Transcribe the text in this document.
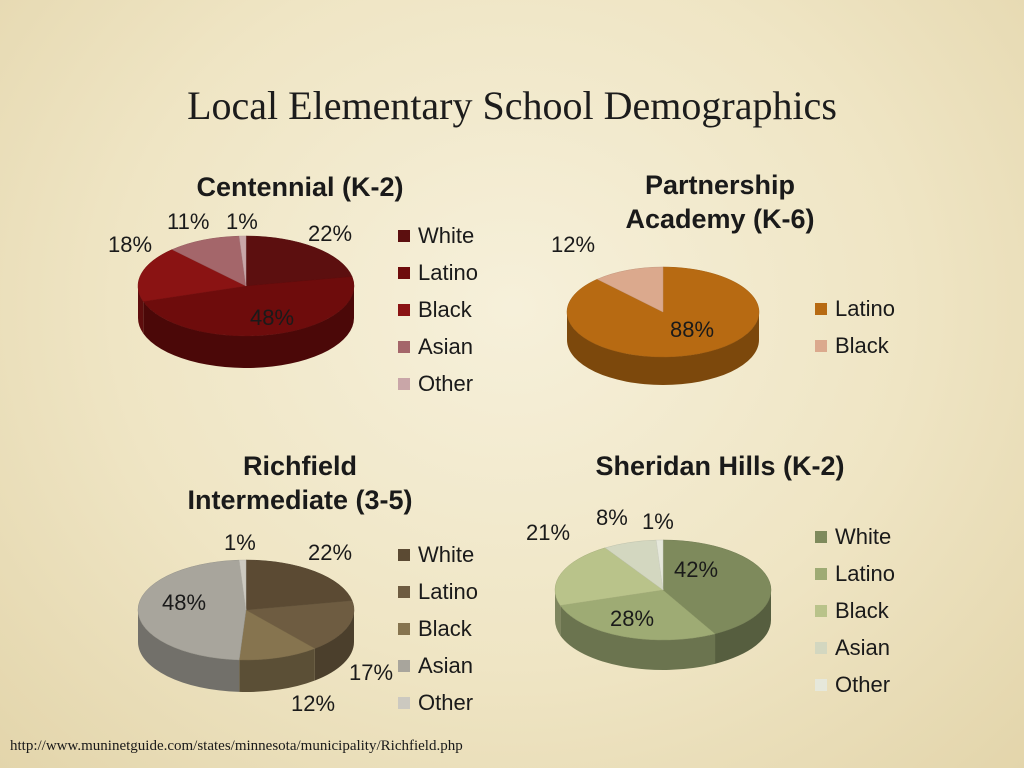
Local Elementary School Demographics
Centennial (K-2)
22%
48%
18%
11% 1%
White
Latino
Black
Asian
Other
Partnership Academy (K-6)
88%
12%
Latino
Black
Richfield Intermediate (3-5)
22%
17%
12%
48%
1%	White
Latino
Black
Asian
Other
Sheridan Hills (K-2)
42%
28%
21%
8% 1%
White
Latino
Black
Asian
Other
http://www.muninetguide.com/states/minnesota/municipality/Richfield.php
